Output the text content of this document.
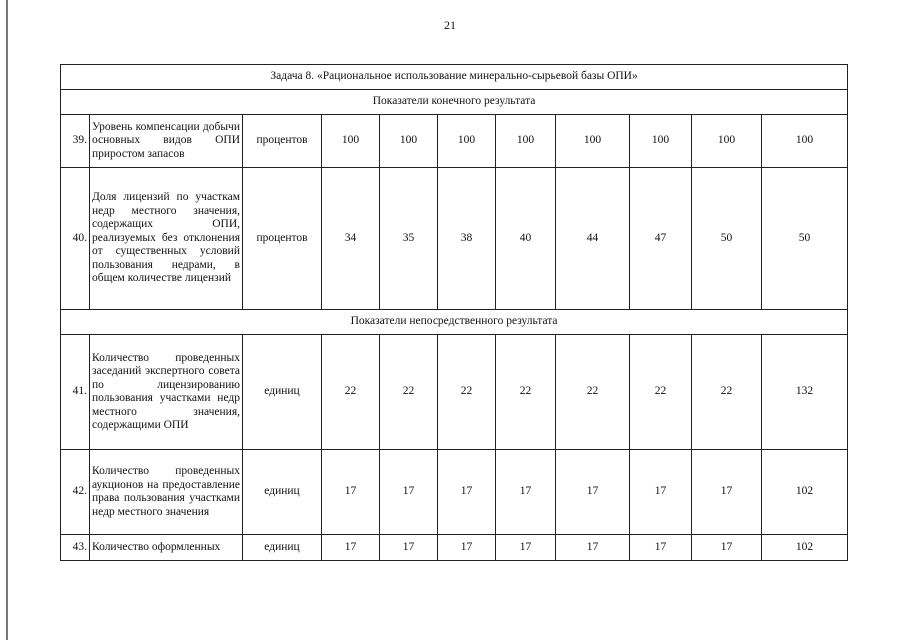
21
Задача 8. «Рациональное использование минерально-сырьевой базы ОПИ»										
Показатели конечного результата										
39.	Уровень компенсации добычи основных видов ОПИ приростом запасов	процентов	100	100	100	100	100	100	100	100
40.	Доля лицензий по участкам недр местного значения, содержащих ОПИ, реализуемых без отклонения от существенных условий пользования недрами, в общем количестве лицензий	процентов	34	35	38	40	44	47	50	50
Показатели непосредственного результата										
41.	Количество проведенных заседаний экспертного совета по лицензированию пользования участками недр местного значения, содержащими ОПИ	единиц	22	22	22	22	22	22	22	132
42.	Количество проведенных аукционов на предоставление права пользования участками недр местного значения	единиц	17	17	17	17	17	17	17	102
43.	Количество оформленных	единиц	17	17	17	17	17	17	17	102
